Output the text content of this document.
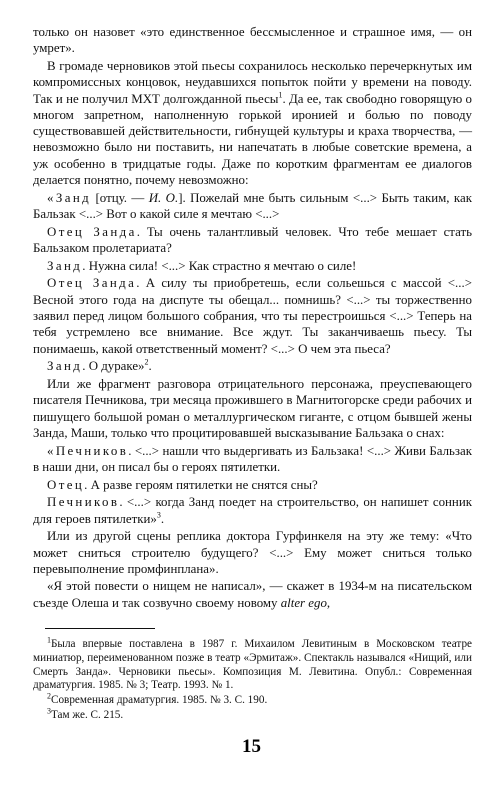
только он назовет «это единственное бессмысленное и страшное имя, — он умрет».

В громаде черновиков этой пьесы сохранилось несколько перечеркнутых им компромиссных концовок, неудавшихся попыток пойти у времени на поводу. Так и не получил МХТ долгожданной пьесы$^1$. Да ее, так свободно говорящую о многом запретном, наполненную горькой иронией и болью по поводу существовавшей действительности, гибнущей культуры и краха творчества, — невозможно было ни поставить, ни напечатать в любые советские времена, а уж особенно в тридцатые годы. Даже по коротким фрагментам ее диалогов делается понятно, почему невозможно:

«Занд [отцу. — И. О.]. Пожелай мне быть сильным <...> Быть таким, как Бальзак <...> Вот о какой силе я мечтаю <...>

Отец Занда. Ты очень талантливый человек. Что тебе мешает стать Бальзаком пролетариата?

Занд. Нужна сила! <...> Как страстно я мечтаю о силе!

Отец Занда. А силу ты приобретешь, если сольешься с массой <...> Весной этого года на диспуте ты обещал... помнишь? <...> ты торжественно заявил перед лицом большого собрания, что ты перестроишься <...> Теперь на тебя устремлено все внимание. Все ждут. Ты заканчиваешь пьесу. Ты понимаешь, какой ответственный момент? <...> О чем эта пьеса?

Занд. О дураке»$^2$.

Или же фрагмент разговора отрицательного персонажа, преуспевающего писателя Печникова, три месяца прожившего в Магнитогорске среди рабочих и пишущего большой роман о металлургическом гиганте, с отцом бывшей жены Занда, Маши, только что процитировавшей высказывание Бальзака о снах:

«Печников. <...> нашли что выдергивать из Бальзака! <...> Живи Бальзак в наши дни, он писал бы о героях пятилетки.

Отец. А разве героям пятилетки не снятся сны?

Печников. <...> когда Занд поедет на строительство, он напишет сонник для героев пятилетки»$^3$.

Или из другой сцены реплика доктора Гурфинкеля на эту же тему: «Что может сниться строителю будущего? <...> Ему может сниться только перевыполнение промфинплана».

«Я этой повести о нищем не написал», — скажет в 1934-м на писательском съезде Олеша и так созвучно своему новому alter ego,

$^1$Была впервые поставлена в 1987 г. Михаилом Левитиным в Московском театре миниатюр, переименованном позже в театр «Эрмитаж». Спектакль назывался «Нищий, или Смерть Занда». Черновики пьесы». Композиция М. Левитина. Опубл.: Современная драматургия. 1985. № 3; Театр. 1993. № 1.

$^2$Современная драматургия. 1985. № 3. С. 190.

$^3$Там же. С. 215.

15
